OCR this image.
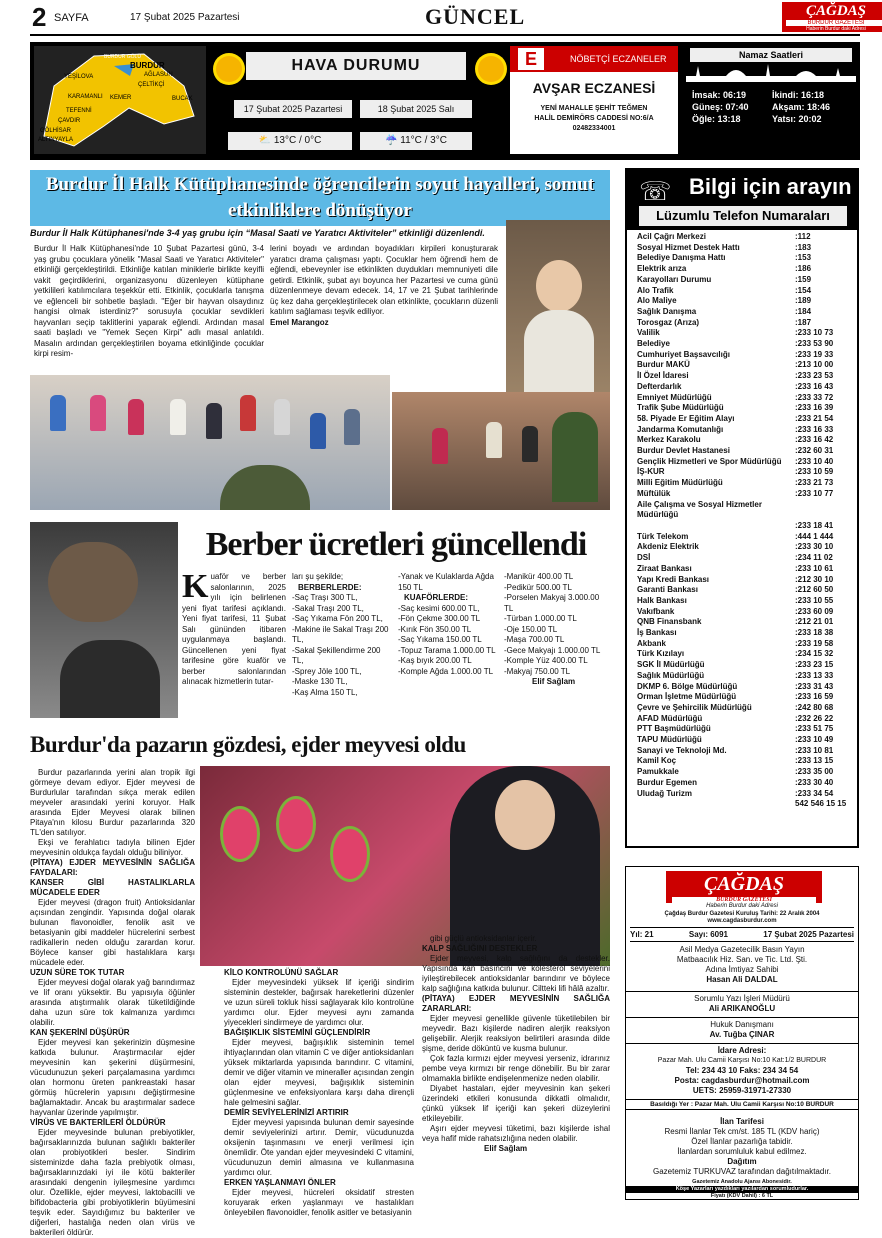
2 SAYFA	17 Şubat 2025 Pazartesi	GÜNCEL	ÇAĞDAŞ
BURDUR GAZETESİ
Haberin Burdur daki Adresi
BURDUR GÖLÜ
BURDUR
AĞLASUN
YEŞİLOVA
ÇELTİKÇİ
KARAMANLI KEMER	BUCAK
TEFENNİ
ÇAVDIR
GÖLHİSAR
ALTINYAYLA
HAVA DURUMU
17 Şubat 2025 Pazartesi	18 Şubat 2025 Salı
⛅ 13°C / 0°C	☔ 11°C / 3°C
NÖBETÇİ ECZANELER
E
AVŞAR ECZANESİ
YENİ MAHALLE ŞEHİT TEĞMEN
HALİL DEMİRÖRS CADDESİ NO:6/A
02482334001
Namaz Saatleri
İmsak: 06:19
Güneş: 07:40
Öğle: 13:18
İkindi: 16:18
Akşam: 18:46
Yatsı: 20:02
Burdur İl Halk Kütüphanesinde öğrencilerin soyut hayalleri, somut etkinliklere dönüşüyor
Burdur İl Halk Kütüphanesi'nde 3-4 yaş grubu için “Masal Saati ve Yaratıcı Aktiviteler” etkinliği düzenlendi.
Burdur İl Halk Kütüphanesi'nde 10 Şubat Pazartesi günü, 3-4 yaş grubu çocuklara yönelik "Masal Saati ve Yaratıcı Aktiviteler" etkinliği gerçekleştirildi. Etkinliğe katılan miniklerle birlikte keyifli vakit geçirdiklerini, organizasyonu düzenleyen kütüphane yetkilileri katılımcılara teşekkür etti. Etkinlik, çocuklarla tanışma ve eğlenceli bir sohbetle başladı. "Eğer bir hayvan olsaydınız hangisi olmak isterdiniz?" sorusuyla çocuklar sevdikleri hayvanları seçip taklitlerini yaparak eğlendi. Ardından masal saati başladı ve "Yemek Seçen Kirpi" adlı masal anlatıldı. Masalın ardından gerçekleştirilen boyama etkinliğinde çocuklar kirpi resim-
lerini boyadı ve ardından boyadıkları kirpileri konuşturarak yaratıcı drama çalışması yaptı. Çocuklar hem öğrendi hem de eğlendi, ebeveynler ise etkinlikten duydukları memnuniyeti dile getirdi. Etkinlik, şubat ayı boyunca her Pazartesi ve cuma günü düzenlenmeye devam edecek. 14, 17 ve 21 Şubat tarihlerinde üç kez daha gerçekleştirilecek olan etkinlikte, çocukların düzenli katılım sağlaması teşvik ediliyor.
Emel Marangoz
Berber ücretleri güncellendi
K uaför ve berber salonlarının, 2025 yılı için belirlenen yeni fiyat tarifesi açıklandı. Yeni fiyat tarifesi, 11 Şubat Salı gününden itibaren uygulanmaya başlandı. Güncellenen yeni fiyat tarifesine göre kuaför ve berber salonlarından alınacak hizmetlerin tutar-
ları şu şekilde;
BERBERLERDE:
-Saç Traşı 300 TL,
-Sakal Traşı 200 TL,
-Saç Yıkama Fön 200 TL,
-Makine ile Sakal Traşı 200 TL,
-Sakal Şekillendirme 200 TL,
-Sprey Jöle 100 TL,
-Maske 130 TL,
-Kaş Alma 150 TL,
-Yanak ve Kulaklarda Ağda 150 TL
KUAFÖRLERDE:
-Saç kesimi 600.00 TL,
-Fön Çekme 300.00 TL
-Kırık Fön 350.00 TL
-Saç Yıkama 150.00 TL
-Topuz Tarama 1.000.00 TL
-Kaş bıyık 200.00 TL
-Komple Ağda 1.000.00 TL
-Manikür 400.00 TL
-Pedikür 500.00 TL
-Porselen Makyaj 3.000.00 TL
-Türban 1.000.00 TL
-Oje 150.00 TL
-Maşa 700.00 TL
-Gece Makyajı 1.000.00 TL
-Komple Yüz 400.00 TL
-Makyaj 750.00 TL
Elif Sağlam
Burdur'da pazarın gözdesi, ejder meyvesi oldu
Burdur pazarlarında yerini alan tropik ilgi görmeye devam ediyor. Ejder meyvesi de Burdurlular tarafından sıkça merak edilen meyveler arasındaki yerini koruyor. Halk arasında Ejder Meyvesi olarak bilinen Pitaya'nın kilosu Burdur pazarlarında 320 TL'den satılıyor.
Ekşi ve ferahlatıcı tadıyla bilinen Ejder meyvesinin oldukça faydalı olduğu biliniyor.
(PİTAYA) EJDER MEYVESİNİN SAĞLIĞA FAYDALARI:
KANSER GİBİ HASTALIKLARLA MÜCADELE EDER
Ejder meyvesi (dragon fruit) Antioksidanlar açısından zengindir. Yapısında doğal olarak bulunan flavonoidler, fenolik asit ve betasiyanin gibi maddeler hücrelerini serbest radikallerin neden olduğu zarardan korur. Böylece kanser gibi hastalıklara karşı mücadele eder.
UZUN SÜRE TOK TUTAR
Ejder meyvesi doğal olarak yağ barındırmaz ve lif oranı yüksektir. Bu yapısıyla öğünler arasında atıştırmalık olarak tüketildiğinde daha uzun süre tok kalmanıza yardımcı olabilir.
KAN ŞEKERİNİ DÜŞÜRÜR
Ejder meyvesi kan şekerinizin düşmesine katkıda bulunur. Araştırmacılar ejder meyvesinin kan şekerini düşürmesini, vücudunuzun şekeri parçalamasına yardımcı olan hormonu üreten pankreastaki hasar görmüş hücrelerin yapısını değiştirmesine bağlamaktadır. Ancak bu araştırmalar sadece hayvanlar üzerinde yapılmıştır.
VİRÜS VE BAKTERİLERİ ÖLDÜRÜR
Ejder meyvesinde bulunan prebiyotikler, bağırsaklarınızda bulunan sağlıklı bakteriler olan probiyotikleri besler. Sindirim sisteminizde daha fazla prebiyotik olması, bağırsaklarınızdaki iyi ile kötü bakteriler arasındaki dengenin iyileşmesine yardımcı olur. Özellikle, ejder meyvesi, laktobacilli ve bifidobacteria gibi probiyotiklerin büyümesini teşvik eder. Sayıdığımız bu bakteriler ve diğerleri, hastalığa neden olan virüs ve bakterileri öldürür.
KİLO KONTROLÜNÜ SAĞLAR
Ejder meyvesindeki yüksek lif içeriği sindirim sisteminin destekler, bağırsak hareketlerini düzenler ve uzun süreli tokluk hissi sağlayarak kilo kontrolüne yardımcı olur. Ejder meyvesi aynı zamanda yiyecekleri sindirmeye de yardımcı olur.
BAĞIŞIKLIK SİSTEMİNİ GÜÇLENDİRİR
Ejder meyvesi, bağışıklık sisteminin temel ihtiyaçlarından olan vitamin C ve diğer antioksidanları yüksek miktarlarda yapısında barındırır. C vitamini, demir ve diğer vitamin ve mineraller açısından zengin olan ejder meyvesi, bağışıklık sisteminin güçlenmesine ve enfeksiyonlara karşı daha dirençli hale gelmesini sağlar.
DEMİR SEVİYELERİNİZİ ARTIRIR
Ejder meyvesi yapısında bulunan demir sayesinde demir seviyelerinizi artırır. Demir, vücudunuzda oksijenin taşınmasını ve enerji verilmesi için önemlidir. Öte yandan ejder meyvesindeki C vitamini, vücudunuzun demiri almasına ve kullanmasına yardımcı olur.
ERKEN YAŞLANMAYI ÖNLER
Ejder meyvesi, hücreleri oksidatif stresten koruyarak erken yaşlanmayı ve hastalıkları önleyebilen flavonoidler, fenolik asitler ve betasiyanin
gibi güçlü antioksidanlar içerir.
KALP SAĞLIĞINI DESTEKLER
Ejder meyvesi, kalp sağlığını da destekler. Yapısında kan basıncını ve kolesterol seviyelerini iyileştirebilecek antioksidanlar barındırır ve böylece kalp sağlığına katkıda bulunur. Ciltteki lifi hâlâ azaltır.
(PİTAYA) EJDER MEYVESİNİN SAĞLIĞA ZARARLARI:
Ejder meyvesi genellikle güvenle tüketilebilen bir meyvedir. Bazı kişilerde nadiren alerjik reaksiyon gelişebilir. Alerjik reaksiyon belirtileri arasında dilde şişme, deride döküntü ve kusma bulunur.
Çok fazla kırmızı ejder meyvesi yerseniz, idrarınız pembe veya kırmızı bir renge dönebilir. Bu bir zarar olmamakla birlikte endişelenmenize neden olabilir.
Diyabet hastaları, ejder meyvesinin kan şekeri üzerindeki etkileri konusunda dikkatli olmalıdır, çünkü yüksek lif içeriği kan şekeri düzeylerini etkileyebilir.
Aşırı ejder meyvesi tüketimi, bazı kişilerde ishal veya hafif mide rahatsızlığına neden olabilir.
Elif Sağlam
☏ Bilgi için arayın
Lüzumlu Telefon Numaraları
Acil Çağrı Merkezi	:112
Sosyal Hizmet Destek Hattı	:183
Belediye Danışma Hattı	:153
Elektrik arıza	:186
Karayolları Durumu	:159
Alo Trafik	:154
Alo Maliye	:189
Sağlık Danışma	:184
Torosgaz (Arıza)	:187
Valilik	:233 10 73
Belediye	:233 53 90
Cumhuriyet Başsavcılığı	:233 19 33
Burdur MAKÜ	:213 10 00
İl Özel İdaresi	:233 23 53
Defterdarlık	:233 16 43
Emniyet Müdürlüğü	:233 33 72
Trafik Şube Müdürlüğü	:233 16 39
58. Piyade Er Eğitim Alayı	:233 21 54
Jandarma Komutanlığı	:233 16 33
Merkez Karakolu	:233 16 42
Burdur Devlet Hastanesi	:232 60 31
Gençlik Hizmetleri ve Spor Müdürlüğü :233 10 40
İŞ-KUR	:233 10 59
Milli Eğitim Müdürlüğü	:233 21 73
Müftülük	:233 10 77
Aile Çalışma ve Sosyal Hizmetler Müdürlüğü
:233 18 41
Türk Telekom	:444 1 444
Akdeniz Elektrik	:233 30 10
DSİ	:234 11 02
Ziraat Bankası	:233 10 61
Yapı Kredi Bankası	:212 30 10
Garanti Bankası	:212 60 50
Halk Bankası	:233 10 55
Vakıfbank	:233 60 09
QNB Finansbank	:212 21 01
İş Bankası	:233 18 38
Akbank	:233 19 58
Türk Kızılayı	:234 15 32
SGK İl Müdürlüğü	:233 23 15
Sağlık Müdürlüğü	:233 13 33
DKMP 6. Bölge Müdürlüğü	:233 31 43
Orman İşletme Müdürlüğü	:233 16 59
Çevre ve Şehircilik Müdürlüğü	:242 80 68
AFAD Müdürlüğü	:232 26 22
PTT Başmüdürlüğü	:233 51 75
TAPU Müdürlüğü	:233 10 49
Sanayi ve Teknoloji Md.	:233 10 81
Kamil Koç	:233 13 15
Pamukkale	:233 35 00
Burdur Egemen	:233 30 40
Uludağ Turizm	:233 34 54
542 546 15 15
ÇAĞDAŞ
BURDUR GAZETESİ
Haberin Burdur daki Adresi
Çağdaş Burdur Gazetesi Kuruluş Tarihi: 22 Aralık 2004
www.cagdasburdur.com
Yıl: 21	Sayı: 6091	17 Şubat 2025 Pazartesi
Asil Medya Gazetecilik Basın Yayın
Matbaacılık Hiz. San. ve Tic. Ltd. Şti.
Adına İmtiyaz Sahibi
Hasan Ali DALDAL
Sorumlu Yazı İşleri Müdürü
Ali ARIKANOĞLU
Hukuk Danışmanı
Av. Tuğba ÇINAR
İdare Adresi:
Pazar Mah. Ulu Camii Karşısı No:10 Kat:1/2 BURDUR
Tel: 234 43 10 Faks: 234 34 54
Posta: cagdasburdur@hotmail.com
UETS: 25959-31971-27330
Basıldığı Yer : Pazar Mah. Ulu Camii Karşısı No:10 BURDUR
İlan Tarifesi
Resmi İlanlar Tek cm/st. 185 TL (KDV hariç)
Özel İlanlar pazarlığa tabidir.
İlanlardan sorumluluk kabul edilmez.
Dağıtım
Gazetemiz TURKUVAZ tarafından dağıtılmaktadır.
Gazetemiz Anadolu Ajansı Abonesidir.
Köşe Yazarları yazdıkları yazılardan sorumludurlar.
Fiyatı (KDV Dahil) : 6 TL
